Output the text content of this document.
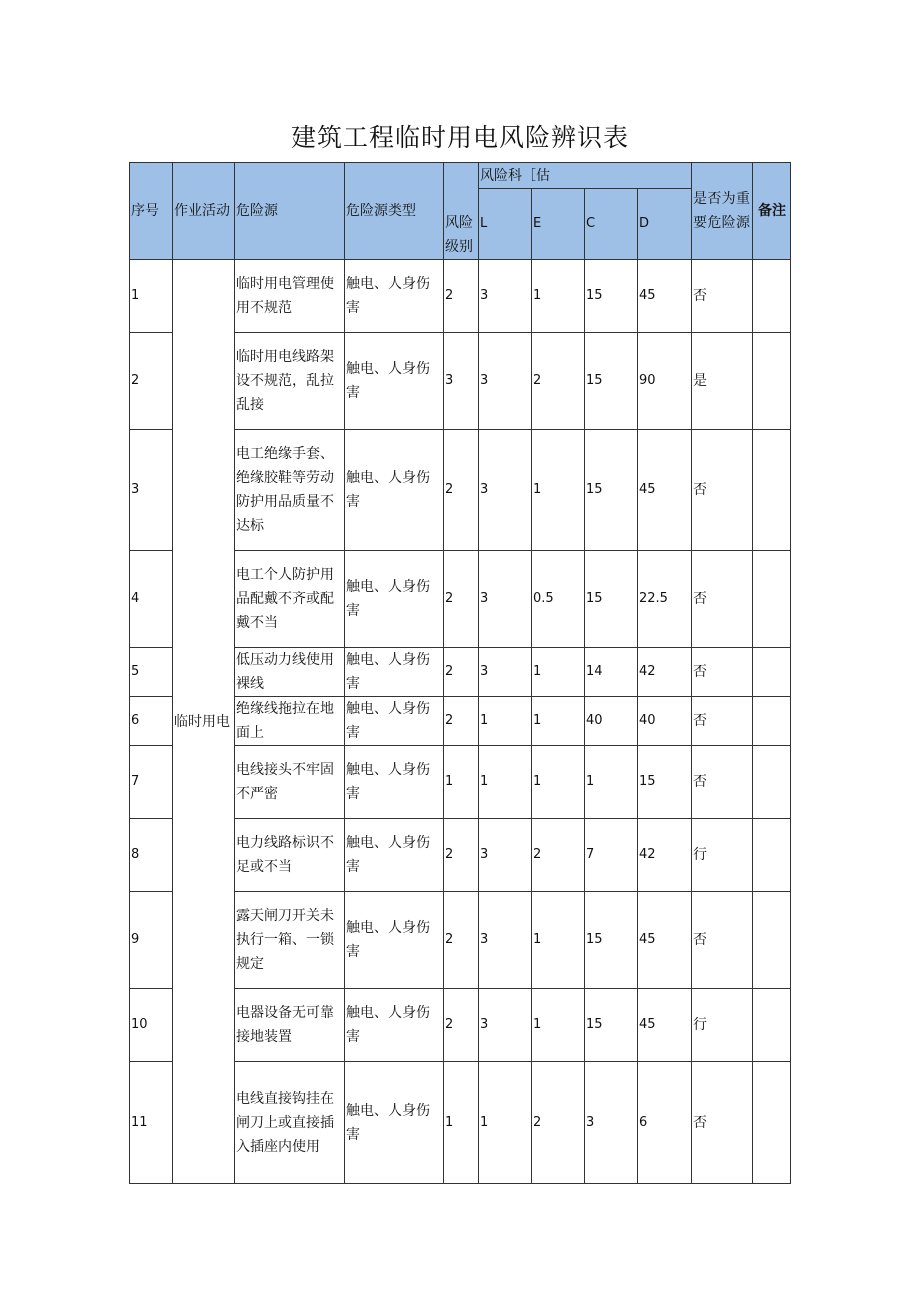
建筑工程临时用电风险辨识表
序号	作业活动	危险源	危险源类型	风险级别	风险科［估				是否为重要危险源	备注
					L	E	C	D		
1	临时用电	临时用电管理使用不规范	触电、人身伤害	2	3	1	15	45	否	
2		临时用电线路架设不规范，乱拉乱接	触电、人身伤害	3	3	2	15	90	是	
3		电工绝缘手套、绝缘胶鞋等劳动防护用品质量不达标	触电、人身伤害	2	3	1	15	45	否	
4		电工个人防护用品配戴不齐或配戴不当	触电、人身伤害	2	3	0.5	15	22.5	否	
5		低压动力线使用裸线	触电、人身伤害	2	3	1	14	42	否	
6		绝缘线拖拉在地面上	触电、人身伤害	2	1	1	40	40	否	
7		电线接头不牢固不严密	触电、人身伤害	1	1	1	1	15	否	
8		电力线路标识不足或不当	触电、人身伤害	2	3	2	7	42	行	
9		露天闸刀开关未执行一箱、一锁规定	触电、人身伤害	2	3	1	15	45	否	
10		电器设备无可靠接地装置	触电、人身伤害	2	3	1	15	45	行	
11		电线直接钩挂在闸刀上或直接插入插座内使用	触电、人身伤害	1	1	2	3	6	否	
